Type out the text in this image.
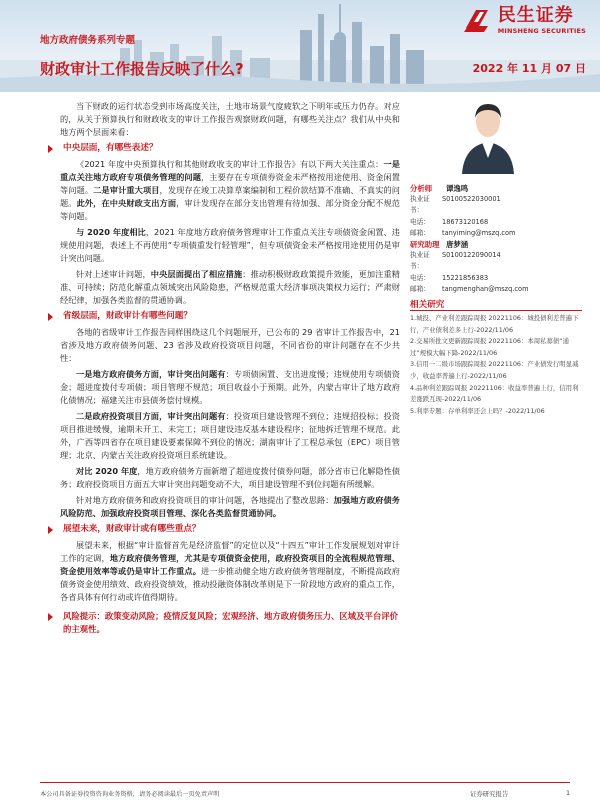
民生证券
MINSHENG SECURITIES
地方政府债务系列专题
财政审计工作报告反映了什么?	2022 年 11 月 07 日

当下财政的运行状态受到市场高度关注，土地市场景气度疲软之下明年或压力仍存。对应的，从关于预算执行和财政收支的审计工作报告观察财政问题，有哪些关注点？我们从中央和地方两个层面来看：

中央层面，有哪些表述？

《2021 年度中央预算执行和其他财政收支的审计工作报告》有以下两大关注重点：一是重点关注地方政府专项债务管理的问题，主要存在专项债券资金未严格按用途使用、资金闲置等问题。二是审计重大项目，发现存在竣工决算草案编制和工程价款结算不准确、不真实的问题。此外，在中央财政支出方面，审计发现存在部分支出管理有待加强、部分资金分配不规范等问题。

与 2020 年度相比，2021 年度地方政府债务管理审计工作重点关注专项债资金闲置、违规使用问题，表述上不再使用“专项债重发行轻管理”，但专项债资金未严格按用途使用仍是审计突出问题。

针对上述审计问题，中央层面提出了相应措施：推动积极财政政策提升效能，更加注重精准、可持续；防范化解重点领域突出风险隐患，严格规范重大经济事项决策权力运行；严肃财经纪律，加强各类监督的贯通协调。

省级层面，财政审计有哪些问题？

各地的省级审计工作报告同样围绕这几个问题展开，已公布的 29 省审计工作报告中，21 省涉及地方政府债务问题、23 省涉及政府投资项目问题，不同省份的审计问题存在不少共性：

一是地方政府债务方面，审计突出问题有：专项债闲置、支出进度慢；违规使用专项债资金；超进度拨付专项债；项目管理不规范；项目收益小于预期。此外，内蒙古审计了地方政府化债情况；福建关注市县债务偿付规模。

二是政府投资项目方面，审计突出问题有：投资项目建设管理不到位；违规招投标；投资项目推进缓慢，逾期未开工、未完工；项目建设违反基本建设程序；征地拆迁管理不规范。此外，广西等四省存在项目建设要素保障不到位的情况；湖南审计了工程总承包（EPC）项目管理；北京、内蒙古关注政府投资项目系统建设。

对比 2020 年度，地方政府债务方面新增了超进度拨付债券问题，部分省市已化解隐性债务；政府投资项目方面五大审计突出问题变动不大，项目建设管理不到位问题有所缓解。

针对地方政府债务和政府投资项目的审计问题，各地提出了整改思路：加强地方政府债务风险防范、加强政府投资项目管理、深化各类监督贯通协同。

展望未来，财政审计或有哪些重点？

展望未来，根据“审计监督首先是经济监督”的定位以及“十四五”审计工作发展规划对审计工作的定调，地方政府债务管理，尤其是专项债资金使用，政府投资项目的全流程规范管理、资金使用效率等或仍是审计工作重点。进一步推动健全地方政府债务管理制度，不断提高政府债务资金使用绩效、政府投资绩效，推动投融资体制改革则是下一阶段地方政府的重点工作，各省具体有何行动或许值得期待。

风险提示：政策变动风险；疫情反复风险；宏观经济、地方政府债务压力、区域及平台评价的主观性。
分析师	谭逸鸣
执业证书：
S0100522030001
电话：	18673120168
邮箱：	tanyiming@mszq.com
研究助理 唐梦涵
执业证书：
S0100122090014
电话：	15221856383
邮箱：	tangmenghan@mszq.com
相关研究
1.城投、产业利差跟踪周报 20221106：城投债利差普遍下行，产业债利差多上行-2022/11/06
2.交易所批文更新跟踪周报 20221106：本周私募债“通过”规模大幅下降-2022/11/06
3.信用一二级市场跟踪周报 20221106：产业债发行明显减少，收益率普遍上行-2022/11/06
4.品种利差跟踪周报 20221106：收益率普遍上行，信用利差涨跌互现-2022/11/06
5.利率专题：存单利率还会上吗？-2022/11/06
本公司具备证券投资咨询业务资格，请务必阅读最后一页免责声明	证券研究报告	1
